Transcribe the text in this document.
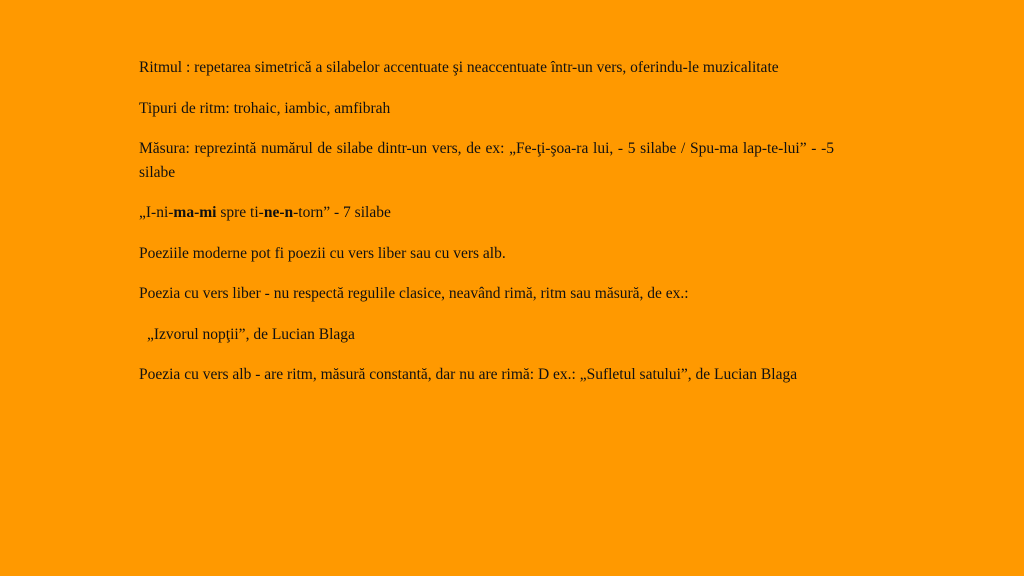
Ritmul : repetarea simetrică a silabelor accentuate şi neaccentuate într-un vers, oferindu-le muzicalitate

Tipuri de ritm: trohaic, iambic, amfibrah

Măsura: reprezintă numărul de silabe dintr-un vers, de ex: „Fe-ţi-şoa-ra lui, - 5 silabe / Spu-ma lap-te-lui” - -5 silabe

„I-ni-ma-mi spre ti-ne-n-torn” - 7 silabe

Poeziile moderne pot fi poezii cu vers liber sau cu vers alb.

Poezia cu vers liber - nu respectă regulile clasice, neavând rimă, ritm sau măsură, de ex.:

„Izvorul nopţii”, de Lucian Blaga

Poezia cu vers alb - are ritm, măsură constantă, dar nu are rimă: D ex.: „Sufletul satului”, de Lucian Blaga
